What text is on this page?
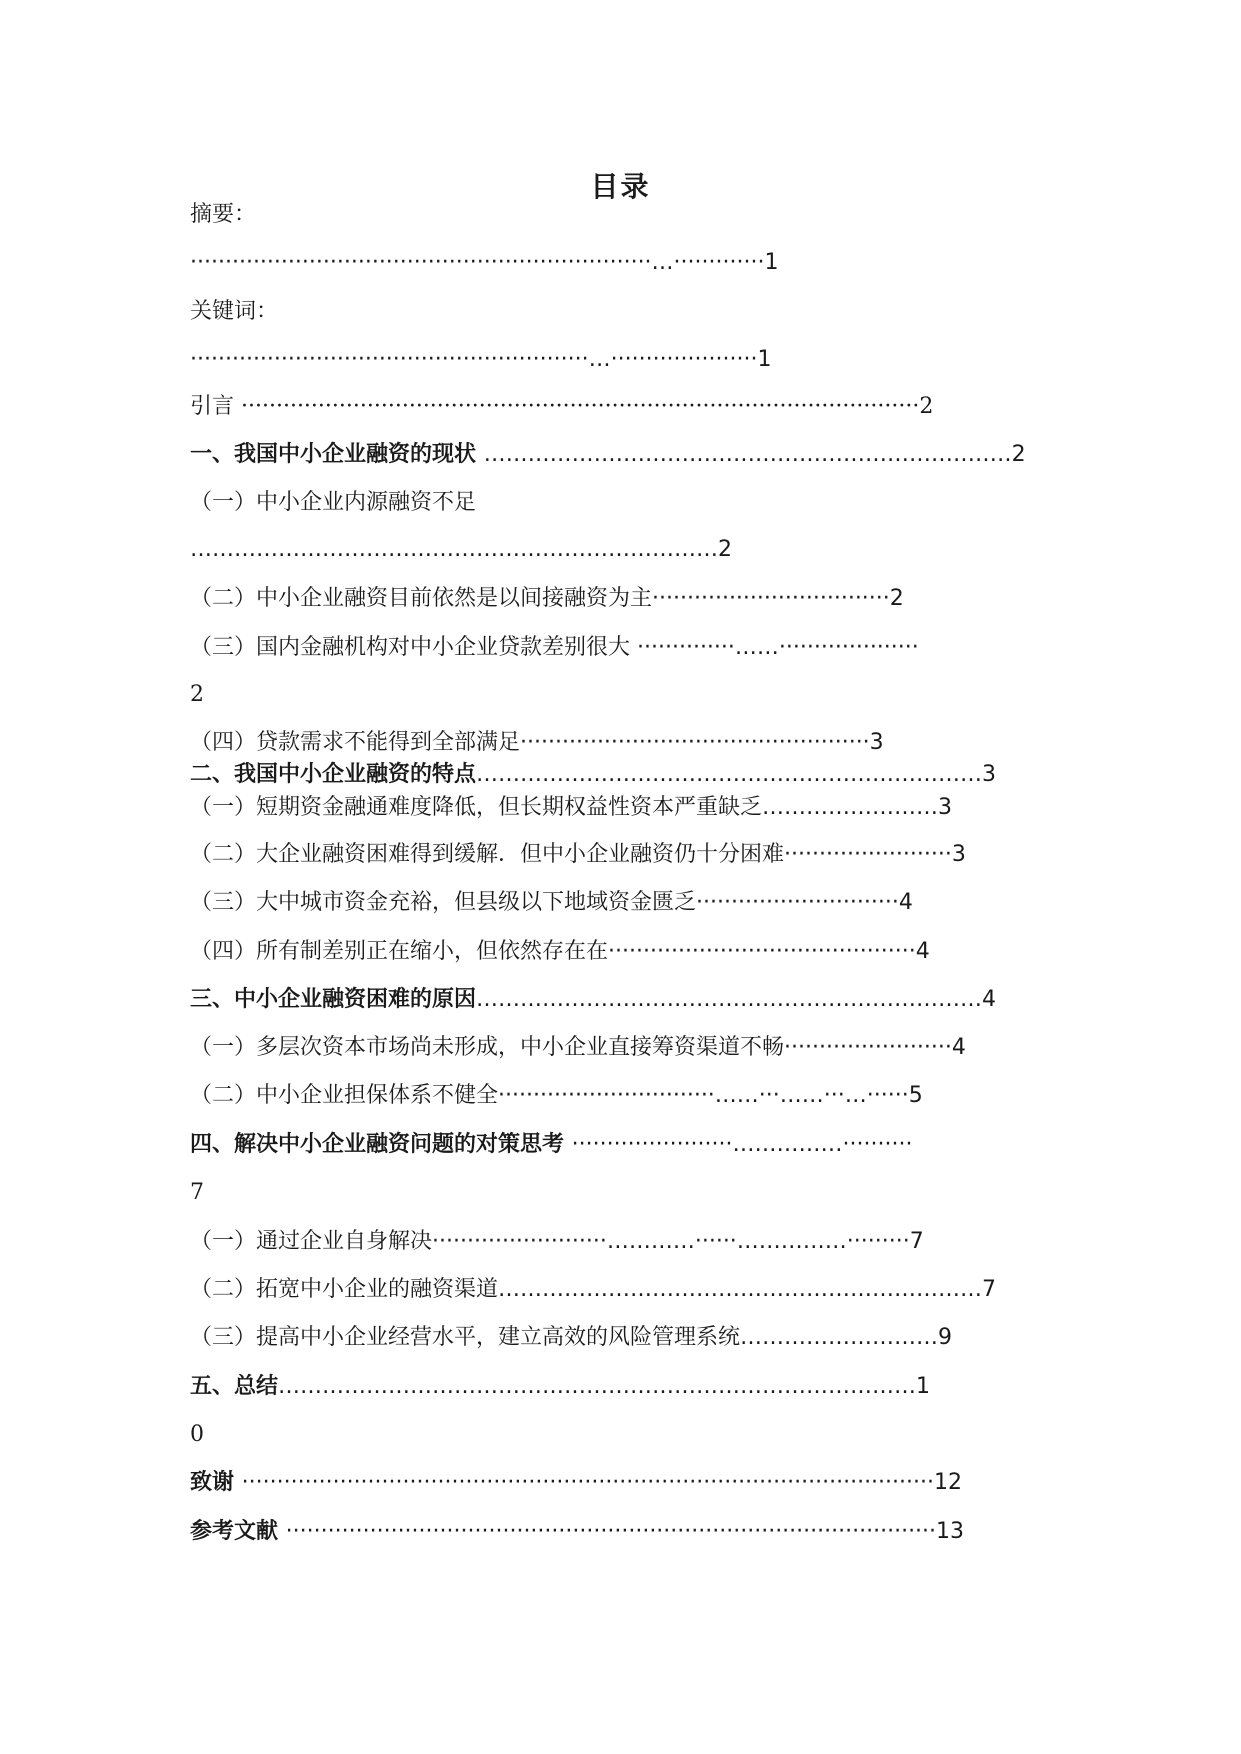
目录
摘要：
··································································…·············1
关键词：
·························································…·····················1
引言 ·································································································2
一、我国中小企业融资的现状 ………………………………………………………………2
（一）中小企业内源融资不足
………………………………………………………………2
（二）中小企业融资目前依然是以间接融资为主··································2
（三）国内金融机构对中小企业贷款差别很大 ··············……····················
2
（四）贷款需求不能得到全部满足··················································3
二、我国中小企业融资的特点……………………………………………………………3
（一）短期资金融通难度降低，但长期权益性资本严重缺乏……………………3
（二）大企业融资困难得到缓解．但中小企业融资仍十分困难························3
（三）大中城市资金充裕，但县级以下地域资金匮乏·····························4
（四）所有制差别正在缩小，但依然存在在············································4
三、中小企业融资困难的原因……………………………………………………………4
（一）多层次资本市场尚未形成，中小企业直接筹资渠道不畅························4
（二）中小企业担保体系不健全·······························……···……···…······5
四、解决中小企业融资问题的对策思考 ·······················……………··········
7
（一）通过企业自身解决·························…………······……………·········7
（二）拓宽中小企业的融资渠道…………………………………………………………7
（三）提高中小企业经营水平，建立高效的风险管理系统………………………9
五、总结……………………………………………………………………………1
0
致谢 ···································································································12
参考文献 ·····························································································13
